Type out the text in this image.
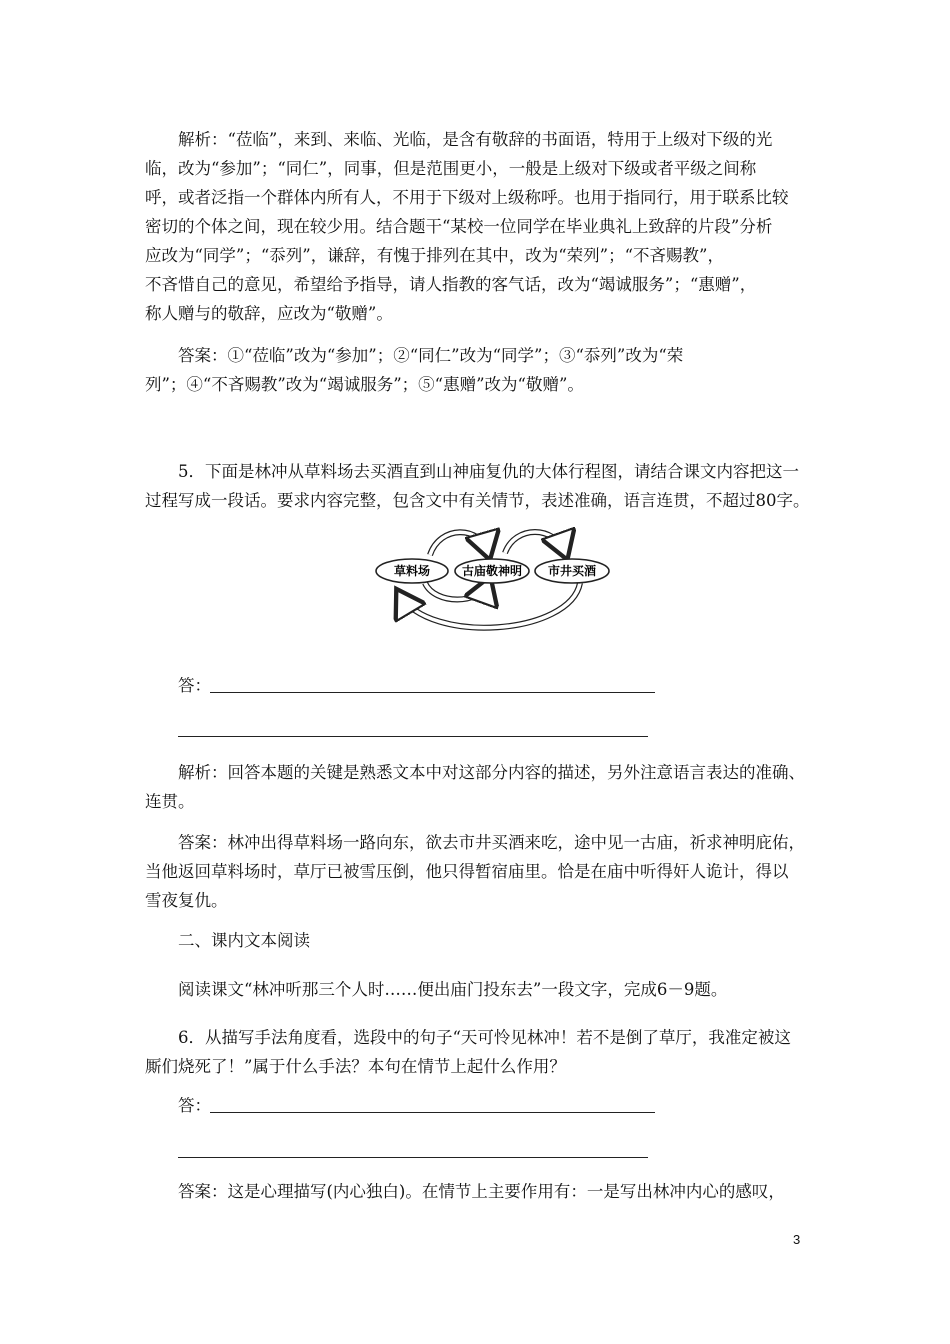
解析：“莅临”，来到、来临、光临，是含有敬辞的书面语，特用于上级对下级的光
临，改为“参加”；“同仁”，同事，但是范围更小，一般是上级对下级或者平级之间称
呼，或者泛指一个群体内所有人，不用于下级对上级称呼。也用于指同行，用于联系比较
密切的个体之间，现在较少用。结合题干“某校一位同学在毕业典礼上致辞的片段”分析
应改为“同学”；“忝列”，谦辞，有愧于排列在其中，改为“荣列”；“不吝赐教”，
不吝惜自己的意见，希望给予指导，请人指教的客气话，改为“竭诚服务”；“惠赠”，
称人赠与的敬辞，应改为“敬赠”。
答案：①“莅临”改为“参加”；②“同仁”改为“同学”；③“忝列”改为“荣
列”；④“不吝赐教”改为“竭诚服务”；⑤“惠赠”改为“敬赠”。
5．下面是林冲从草料场去买酒直到山神庙复仇的大体行程图，请结合课文内容把这一
过程写成一段话。要求内容完整，包含文中有关情节，表述准确，语言连贯，不超过80字。
草料场	古庙敬神明 市井买酒
答：
解析：回答本题的关键是熟悉文本中对这部分内容的描述，另外注意语言表达的准确、
连贯。
答案：林冲出得草料场一路向东，欲去市井买酒来吃，途中见一古庙，祈求神明庇佑，
当他返回草料场时，草厅已被雪压倒，他只得暂宿庙里。恰是在庙中听得奸人诡计，得以
雪夜复仇。
二、课内文本阅读
阅读课文“林冲听那三个人时……便出庙门投东去”一段文字，完成6－9题。
6．从描写手法角度看，选段中的句子“天可怜见林冲！若不是倒了草厅，我准定被这
厮们烧死了！”属于什么手法？本句在情节上起什么作用？
答：
答案：这是心理描写(内心独白)。在情节上主要作用有：一是写出林冲内心的感叹，
3
